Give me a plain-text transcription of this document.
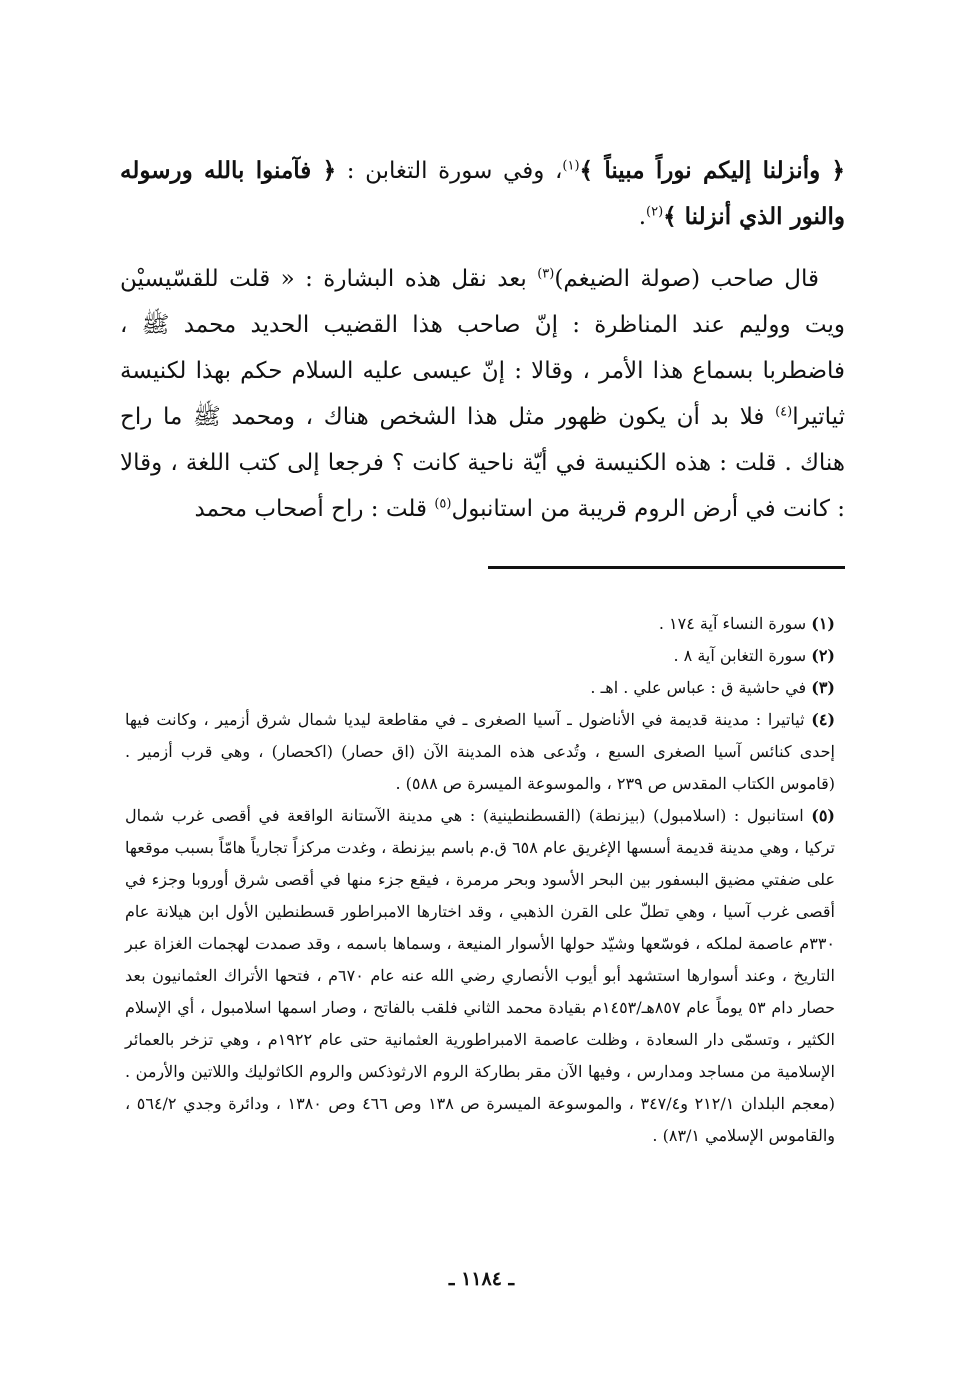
﴿ وأنزلنا إليكم نوراً مبيناً ﴾$^{(١)}$، وفي سورة التغابن : ﴿ فآمنوا بالله ورسوله والنور الذي أنزلنا ﴾$^{(٢)}$.

قال صاحب (صولة الضيغم)$^{(٣)}$ بعد نقل هذه البشارة : « قلت للقسّيسيْن ويت ووليم عند المناظرة : إنّ صاحب هذا القضيب الحديد محمد ﷺ ، فاضطربا بسماع هذا الأمر ، وقالا : إنّ عيسى عليه السلام حكم بهذا لكنيسة ثياتيرا$^{(٤)}$ فلا بد أن يكون ظهور مثل هذا الشخص هناك ، ومحمد ﷺ ما راح هناك . قلت : هذه الكنيسة في أيّة ناحية كانت ؟ فرجعا إلى كتب اللغة ، وقالا : كانت في أرض الروم قريبة من استانبول$^{(٥)}$ قلت : راح أصحاب محمد

(١) سورة النساء آية ١٧٤ .

(٢) سورة التغابن آية ٨ .

(٣) في حاشية ق : عباس علي . اهـ .

(٤) ثياتيرا : مدينة قديمة في الأناضول ـ آسيا الصغرى ـ في مقاطعة ليديا شمال شرق أزمير ، وكانت فيها إحدى كنائس آسيا الصغرى السبع ، وتُدعى هذه المدينة الآن (اق حصار) (اكحصار) ، وهي قرب أزمير . (قاموس الكتاب المقدس ص ٢٣٩ ، والموسوعة الميسرة ص ٥٨٨) .

(٥) استانبول : (اسلامبول) (بيزنطة) (القسطنطينية) : هي مدينة الآستانة الواقعة في أقصى غرب شمال تركيا ، وهي مدينة قديمة أسسها الإغريق عام ٦٥٨ ق.م باسم بيزنطة ، وغدت مركزاً تجارياً هامّاً بسبب موقعها على ضفتي مضيق البسفور بين البحر الأسود وبحر مرمرة ، فيقع جزء منها في أقصى شرق أوروبا وجزء في أقصى غرب آسيا ، وهي تطلّ على القرن الذهبي ، وقد اختارها الامبراطور قسطنطين الأول ابن هيلانة عام ٣٣٠م عاصمة لملكه ، فوسّعها وشيّد حولها الأسوار المنيعة ، وسماها باسمه ، وقد صمدت لهجمات الغزاة عبر التاريخ ، وعند أسوارها استشهد أبو أيوب الأنصاري رضي الله عنه عام ٦٧٠م ، فتحها الأتراك العثمانيون بعد حصار دام ٥٣ يوماً عام ٨٥٧هـ/١٤٥٣م بقيادة محمد الثاني فلقب بالفاتح ، وصار اسمها اسلامبول ، أي الإسلام الكثير ، وتسمّى دار السعادة ، وظلت عاصمة الامبراطورية العثمانية حتى عام ١٩٢٢م ، وهي تزخر بالعمائر الإسلامية من مساجد ومدارس ، وفيها الآن مقر بطاركة الروم الارثوذكس والروم الكاثوليك واللاتين والأرمن . (معجم البلدان ٢١٢/١ و٣٤٧/٤ ، والموسوعة الميسرة ص ١٣٨ وص ٤٦٦ وص ١٣٨٠ ، ودائرة وجدي ٥٦٤/٢ ، والقاموس الإسلامي ٨٣/١) .

ـ ١١٨٤ ـ
